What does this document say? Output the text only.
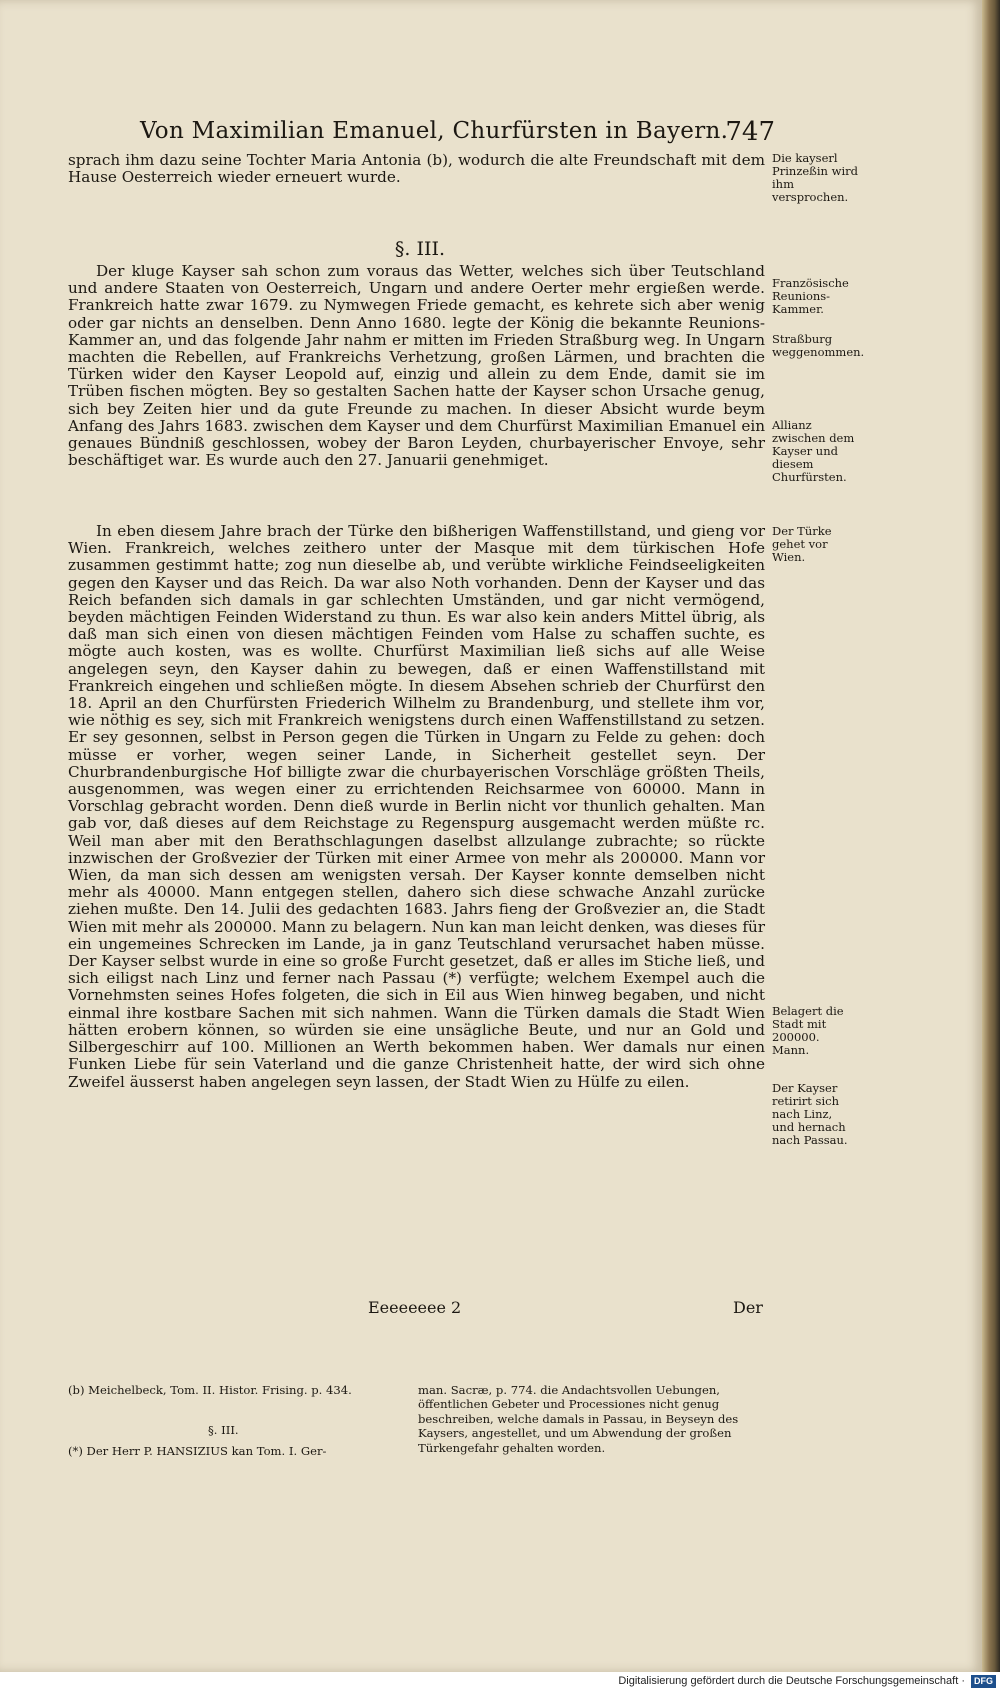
Von Maximilian Emanuel, Churfürsten in Bayern.
747

sprach ihm dazu seine Tochter Maria Antonia (b), wodurch die alte Freundschaft mit dem Hause Oesterreich wieder erneuert wurde.

§. III.

Der kluge Kayser sah schon zum voraus das Wetter, welches sich über Teutschland und andere Staaten von Oesterreich, Ungarn und andere Oerter mehr ergießen werde. Frankreich hatte zwar 1679. zu Nymwegen Friede gemacht, es kehrete sich aber wenig oder gar nichts an denselben. Denn Anno 1680. legte der König die bekannte Reunions-Kammer an, und das folgende Jahr nahm er mitten im Frieden Straßburg weg. In Ungarn machten die Rebellen, auf Frankreichs Verhetzung, großen Lärmen, und brachten die Türken wider den Kayser Leopold auf, einzig und allein zu dem Ende, damit sie im Trüben fischen mögten. Bey so gestalten Sachen hatte der Kayser schon Ursache genug, sich bey Zeiten hier und da gute Freunde zu machen. In dieser Absicht wurde beym Anfang des Jahrs 1683. zwischen dem Kayser und dem Churfürst Maximilian Emanuel ein genaues Bündniß geschlossen, wobey der Baron Leyden, churbayerischer Envoye, sehr beschäftiget war. Es wurde auch den 27. Januarii genehmiget.

In eben diesem Jahre brach der Türke den bißherigen Waffenstillstand, und gieng vor Wien. Frankreich, welches zeithero unter der Masque mit dem türkischen Hofe zusammen gestimmt hatte; zog nun dieselbe ab, und verübte wirkliche Feindseeligkeiten gegen den Kayser und das Reich. Da war also Noth vorhanden. Denn der Kayser und das Reich befanden sich damals in gar schlechten Umständen, und gar nicht vermögend, beyden mächtigen Feinden Widerstand zu thun. Es war also kein anders Mittel übrig, als daß man sich einen von diesen mächtigen Feinden vom Halse zu schaffen suchte, es mögte auch kosten, was es wollte. Churfürst Maximilian ließ sichs auf alle Weise angelegen seyn, den Kayser dahin zu bewegen, daß er einen Waffenstillstand mit Frankreich eingehen und schließen mögte. In diesem Absehen schrieb der Churfürst den 18. April an den Churfürsten Friederich Wilhelm zu Brandenburg, und stellete ihm vor, wie nöthig es sey, sich mit Frankreich wenigstens durch einen Waffenstillstand zu setzen. Er sey gesonnen, selbst in Person gegen die Türken in Ungarn zu Felde zu gehen: doch müsse er vorher, wegen seiner Lande, in Sicherheit gestellet seyn. Der Churbrandenburgische Hof billigte zwar die churbayerischen Vorschläge größten Theils, ausgenommen, was wegen einer zu errichtenden Reichsarmee von 60000. Mann in Vorschlag gebracht worden. Denn dieß wurde in Berlin nicht vor thunlich gehalten. Man gab vor, daß dieses auf dem Reichstage zu Regenspurg ausgemacht werden müßte rc. Weil man aber mit den Berathschlagungen daselbst allzulange zubrachte; so rückte inzwischen der Großvezier der Türken mit einer Armee von mehr als 200000. Mann vor Wien, da man sich dessen am wenigsten versah. Der Kayser konnte demselben nicht mehr als 40000. Mann entgegen stellen, dahero sich diese schwache Anzahl zurücke ziehen mußte. Den 14. Julii des gedachten 1683. Jahrs fieng der Großvezier an, die Stadt Wien mit mehr als 200000. Mann zu belagern. Nun kan man leicht denken, was dieses für ein ungemeines Schrecken im Lande, ja in ganz Teutschland verursachet haben müsse. Der Kayser selbst wurde in eine so große Furcht gesetzet, daß er alles im Stiche ließ, und sich eiligst nach Linz und ferner nach Passau (*) verfügte; welchem Exempel auch die Vornehmsten seines Hofes folgeten, die sich in Eil aus Wien hinweg begaben, und nicht einmal ihre kostbare Sachen mit sich nahmen. Wann die Türken damals die Stadt Wien hätten erobern können, so würden sie eine unsägliche Beute, und nur an Gold und Silbergeschirr auf 100. Millionen an Werth bekommen haben. Wer damals nur einen Funken Liebe für sein Vaterland und die ganze Christenheit hatte, der wird sich ohne Zweifel äusserst haben angelegen seyn lassen, der Stadt Wien zu Hülfe zu eilen.

Die kayserl Prinzeßin wird ihm versprochen.
Französische Reunions-Kammer.
Straßburg weggenommen.
Allianz zwischen dem Kayser und diesem Churfürsten.
Der Türke gehet vor Wien.
Belagert die Stadt mit 200000. Mann.
Der Kayser retirirt sich nach Linz, und hernach nach Passau.
Eeeeeeee 2	Der
(b) Meichelbeck, Tom. II. Histor. Frising. p. 434.
§. III.
(*) Der Herr P. HANSIZIUS kan Tom. I. Ger-
man. Sacræ, p. 774. die Andachtsvollen Uebungen, öffentlichen Gebeter und Processiones nicht genug beschreiben, welche damals in Passau, in Beyseyn des Kaysers, angestellet, und um Abwendung der großen Türkengefahr gehalten worden.
Digitalisierung gefördert durch die Deutsche Forschungsgemeinschaft · DFG
